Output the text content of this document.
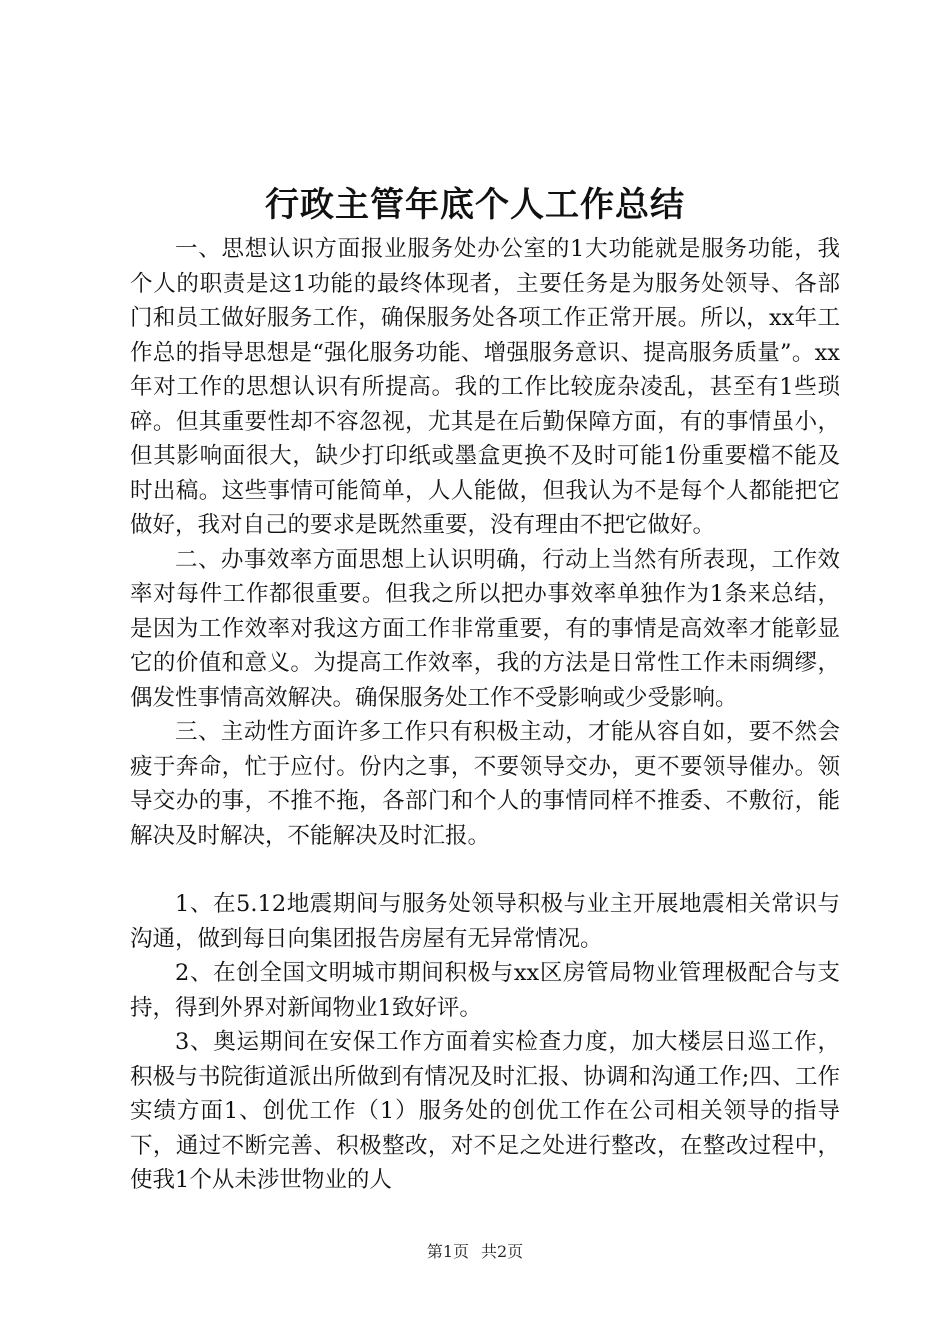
行政主管年底个人工作总结

一、思想认识方面报业服务处办公室的1大功能就是服务功能，我个人的职责是这1功能的最终体现者，主要任务是为服务处领导、各部门和员工做好服务工作，确保服务处各项工作正常开展。所以，xx年工作总的指导思想是“强化服务功能、增强服务意识、提高服务质量”。xx年对工作的思想认识有所提高。我的工作比较庞杂凌乱，甚至有1些琐碎。但其重要性却不容忽视，尤其是在后勤保障方面，有的事情虽小，但其影响面很大，缺少打印纸或墨盒更换不及时可能1份重要檔不能及时出稿。这些事情可能简单，人人能做，但我认为不是每个人都能把它做好，我对自己的要求是既然重要，没有理由不把它做好。

二、办事效率方面思想上认识明确，行动上当然有所表现，工作效率对每件工作都很重要。但我之所以把办事效率单独作为1条来总结，是因为工作效率对我这方面工作非常重要，有的事情是高效率才能彰显它的价值和意义。为提高工作效率，我的方法是日常性工作未雨绸缪，偶发性事情高效解决。确保服务处工作不受影响或少受影响。

三、主动性方面许多工作只有积极主动，才能从容自如，要不然会疲于奔命，忙于应付。份内之事，不要领导交办，更不要领导催办。领导交办的事，不推不拖，各部门和个人的事情同样不推委、不敷衍，能解决及时解决，不能解决及时汇报。

1、在5.12地震期间与服务处领导积极与业主开展地震相关常识与沟通，做到每日向集团报告房屋有无异常情况。

2、在创全国文明城市期间积极与xx区房管局物业管理极配合与支持，得到外界对新闻物业1致好评。

3、奥运期间在安保工作方面着实检查力度，加大楼层日巡工作，积极与书院街道派出所做到有情况及时汇报、协调和沟通工作;四、工作实绩方面1、创优工作（1）服务处的创优工作在公司相关领导的指导下，通过不断完善、积极整改，对不足之处进行整改，在整改过程中，使我1个从未涉世物业的人

第1页 共2页
